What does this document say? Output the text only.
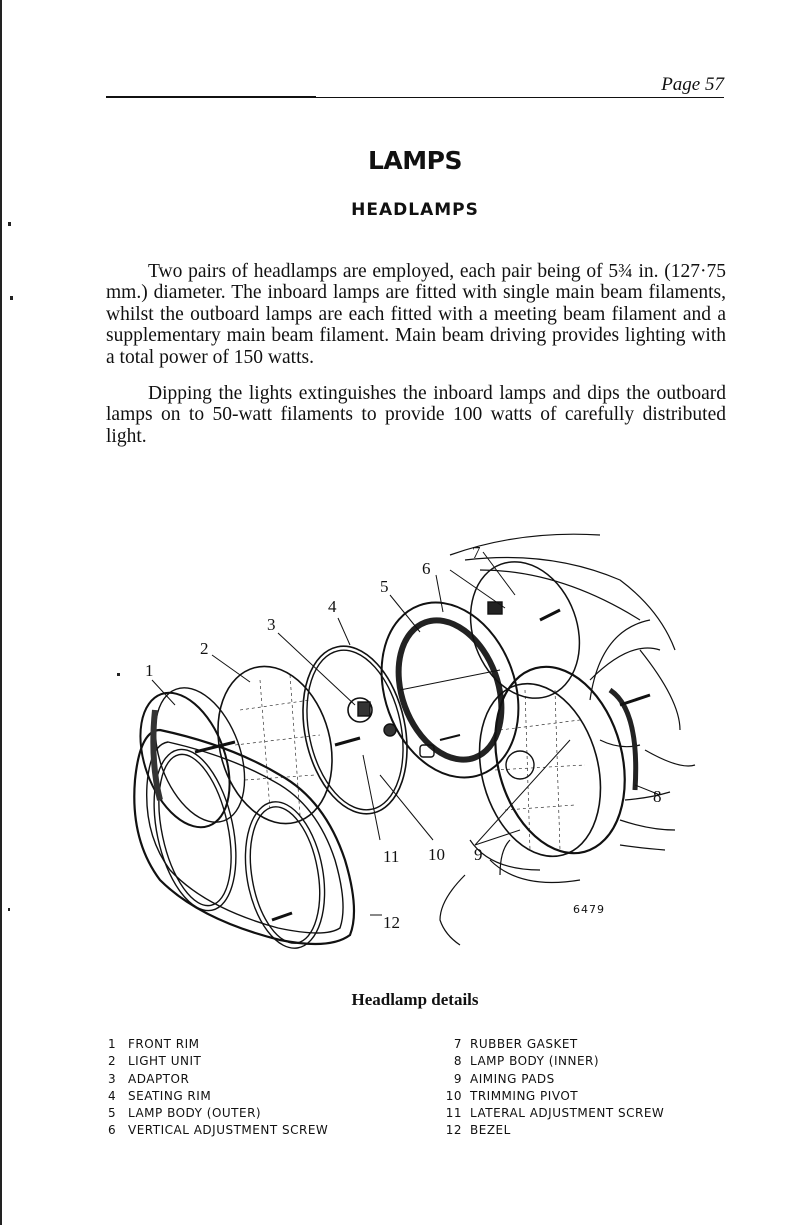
Page 57
LAMPS
HEADLAMPS

Two pairs of headlamps are employed, each pair being of 5¾ in. (127·75 mm.) diameter. The inboard lamps are fitted with single main beam filaments, whilst the outboard lamps are each fitted with a meeting beam filament and a supplementary main beam filament. Main beam driving provides lighting with a total power of 150 watts.

Dipping the lights extinguishes the inboard lamps and dips the outboard lamps on to 50-watt filaments to provide 100 watts of carefully distributed light.

1
2
3
4
5
6
7
8
9
10
11
12
6479
Headlamp details
1 FRONT RIM
2 LIGHT UNIT
3 ADAPTOR
4 SEATING RIM
5 LAMP BODY (OUTER)
6 VERTICAL ADJUSTMENT SCREW
7 RUBBER GASKET
8 LAMP BODY (INNER)
9 AIMING PADS
10 TRIMMING PIVOT
11 LATERAL ADJUSTMENT SCREW
12 BEZEL
